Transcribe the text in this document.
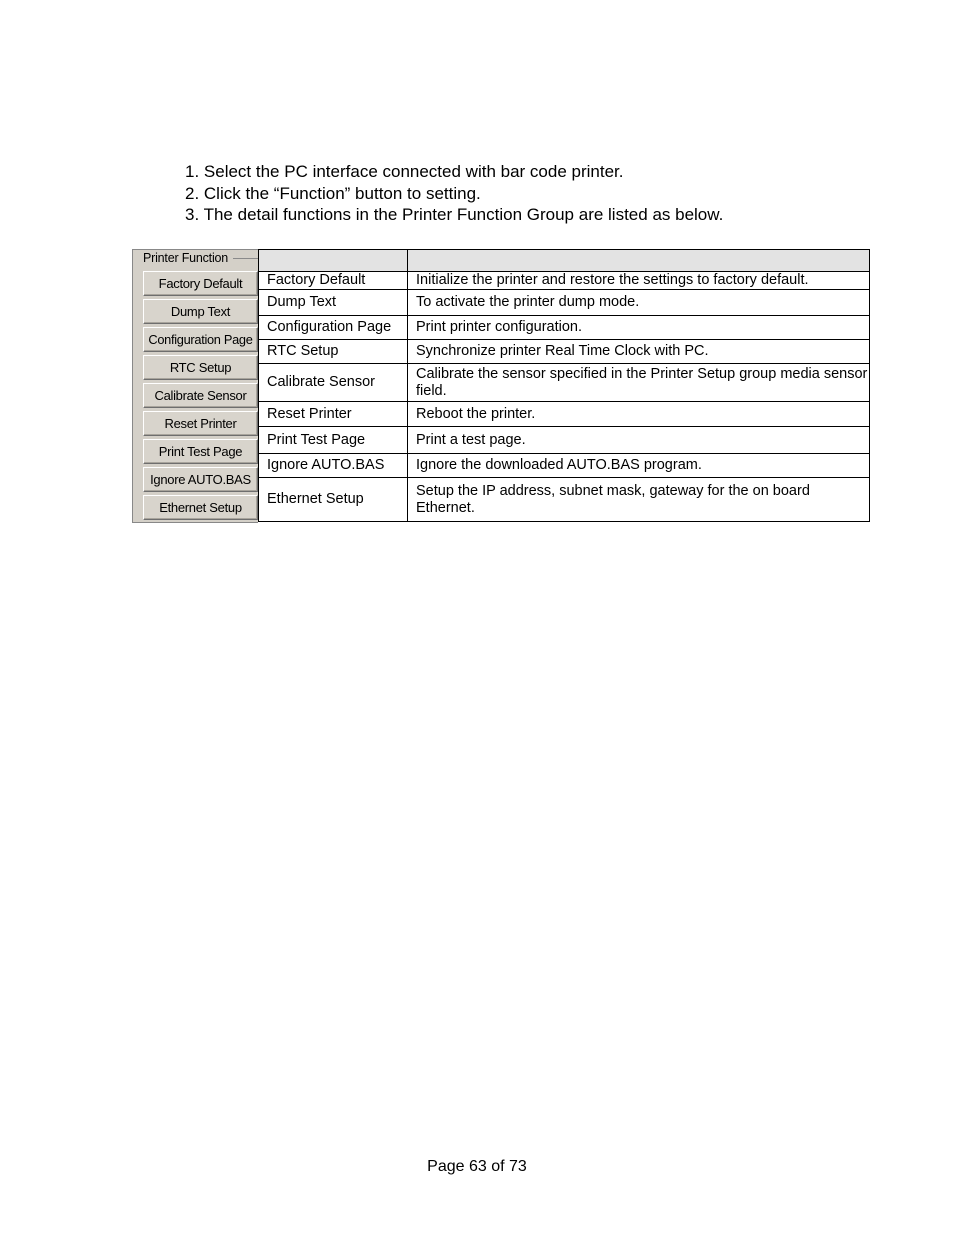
1. Select the PC interface connected with bar code printer.
2. Click the “Function” button to setting.
3. The detail functions in the Printer Function Group are listed as below.
Printer Function
Factory Default
Dump Text
Configuration Page
RTC Setup
Calibrate Sensor
Reset Printer
Print Test Page
Ignore AUTO.BAS
Ethernet Setup

Factory Default	Initialize the printer and restore the settings to factory default.
Dump Text	To activate the printer dump mode.
Configuration Page	Print printer configuration.
RTC Setup	Synchronize printer Real Time Clock with PC.
Calibrate Sensor	Calibrate the sensor specified in the Printer Setup group media sensor field.
Reset Printer	Reboot the printer.
Print Test Page	Print a test page.
Ignore AUTO.BAS	Ignore the downloaded AUTO.BAS program.
Ethernet Setup	Setup the IP address, subnet mask, gateway for the on board Ethernet.
Page 63 of 73
